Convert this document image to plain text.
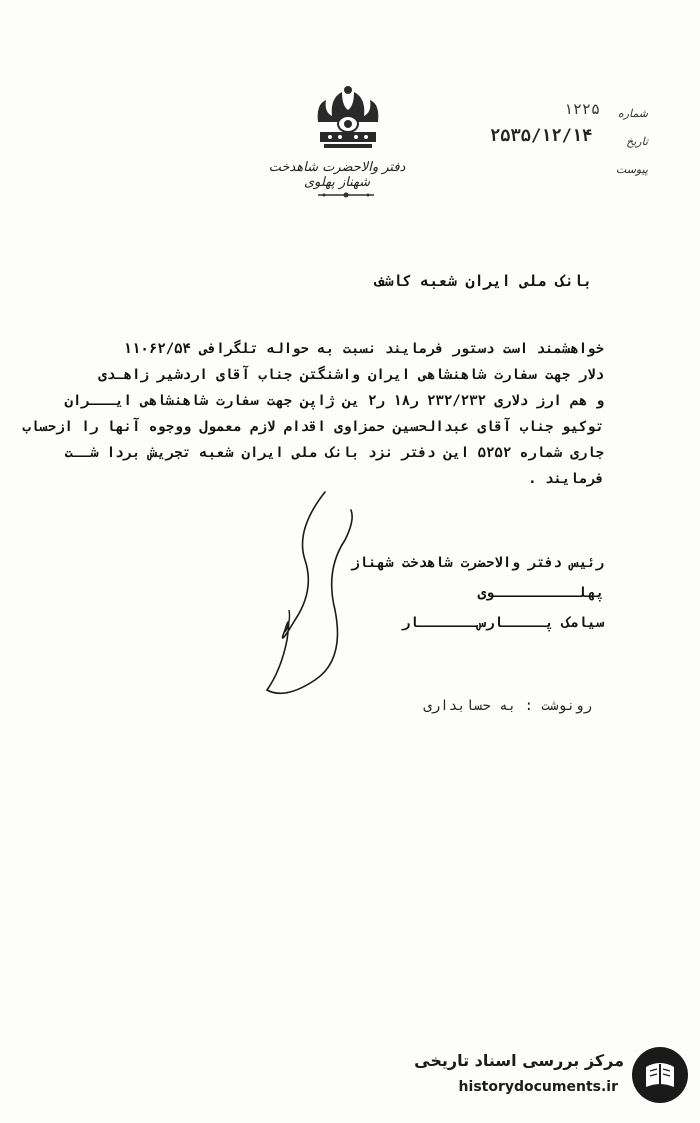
دفتر والاحضرت شاهدخت شهناز پهلوی
شماره
تاریخ
پیوست
۱۲۲۵
۲۵۳۵/۱۲/۱۴
بانک ملی ایران شعبه کاشف
خواهشمند است دستور فرمایند نسبت به حواله تلگرافی ۱۱۰۶۲/۵۴
دلار جهت سفارت شاهنشاهی ایران واشنگتن جناب آقای اردشیر زاهـدی
و هم ارز دلاری ۲۳۲/۲۳۲ ر۱۸ ر۲ ین ژاپن جهت سفارت شاهنشاهی ایـــران
توکیو جناب آقای عبدالحسین حمزاوی اقدام لازم معمول ووجوه آنها را ازحساب
جاری شماره ۵۲۵۲ این دفتر نزد بانک ملی ایران شعبه تجریش بردا شــت
فرمایند .
رئیس دفتر والاحضرت شاهدخت شهناز پهلــــــــــوی
سیامک پـــــارس‌ـــــــار
رونوشت : به حسابداری
مرکز بررسی اسناد تاریخی
historydocuments.ir
